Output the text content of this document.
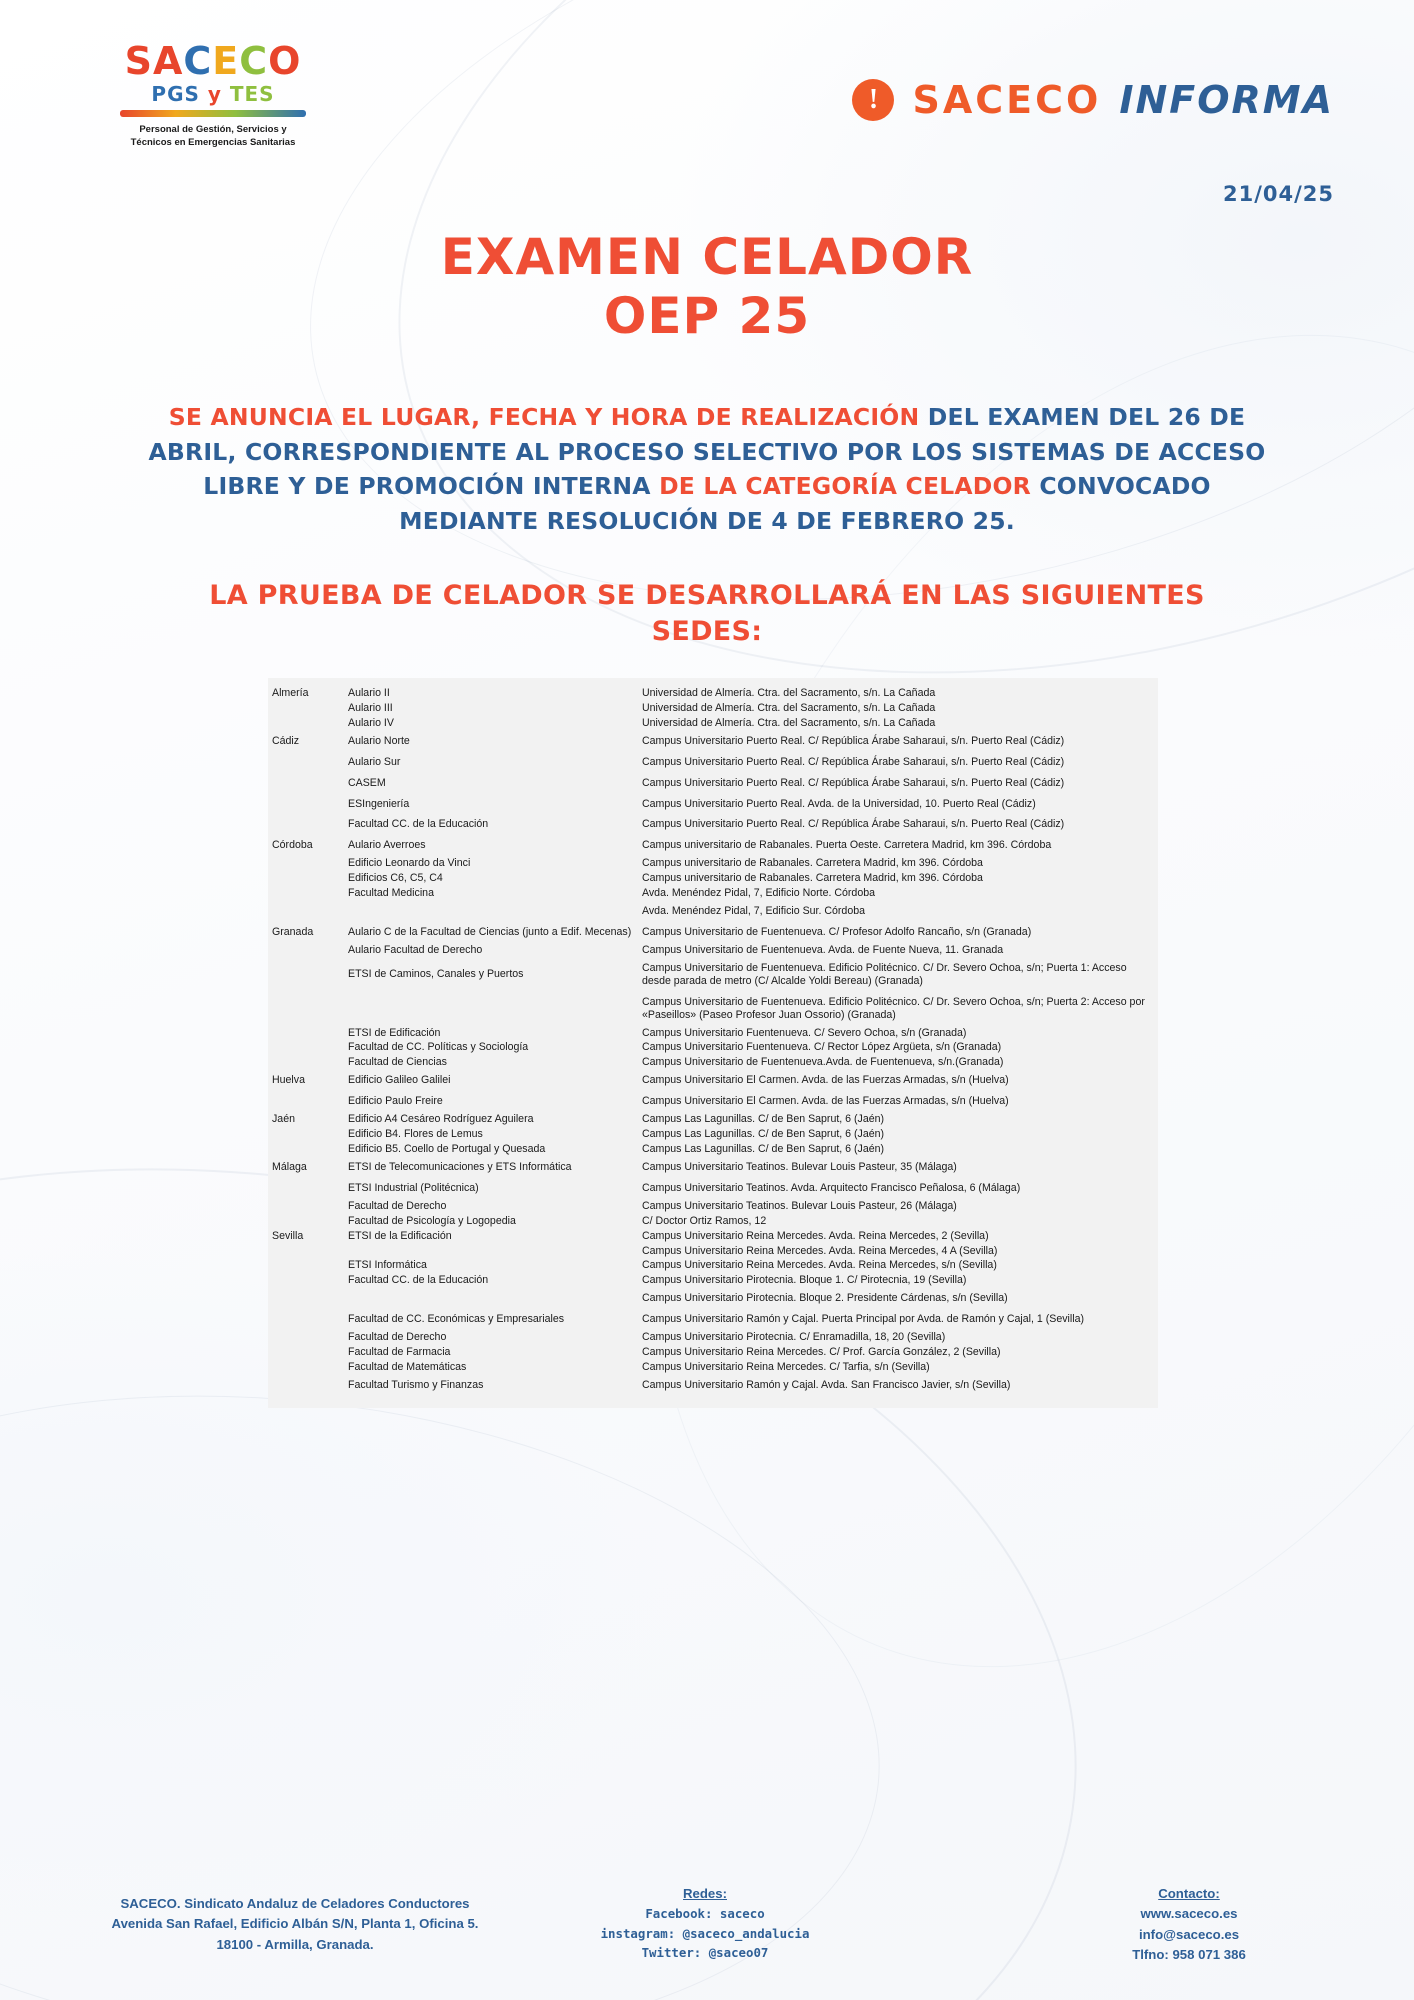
SACECO
PGS y TES
Personal de Gestión, Servicios y
Técnicos en Emergencias Sanitarias
! SACECO INFORMA
21/04/25
EXAMEN CELADOR
OEP 25
SE ANUNCIA EL LUGAR, FECHA Y HORA DE REALIZACIÓN DEL EXAMEN DEL 26 DE ABRIL, CORRESPONDIENTE AL PROCESO SELECTIVO POR LOS SISTEMAS DE ACCESO LIBRE Y DE PROMOCIÓN INTERNA DE LA CATEGORÍA CELADOR CONVOCADO MEDIANTE RESOLUCIÓN DE 4 DE FEBRERO 25.
LA PRUEBA DE CELADOR SE DESARROLLARÁ EN LAS SIGUIENTES SEDES:
Almería	Aulario II	Universidad de Almería. Ctra. del Sacramento, s/n. La Cañada
	Aulario III	Universidad de Almería. Ctra. del Sacramento, s/n. La Cañada
	Aulario IV	Universidad de Almería. Ctra. del Sacramento, s/n. La Cañada
Cádiz	Aulario Norte	Campus Universitario Puerto Real. C/ República Árabe Saharaui, s/n. Puerto Real (Cádiz)
	Aulario Sur	Campus Universitario Puerto Real. C/ República Árabe Saharaui, s/n. Puerto Real (Cádiz)
	CASEM	Campus Universitario Puerto Real. C/ República Árabe Saharaui, s/n. Puerto Real (Cádiz)
	ESIngeniería	Campus Universitario Puerto Real. Avda. de la Universidad, 10. Puerto Real (Cádiz)
	Facultad CC. de la Educación	Campus Universitario Puerto Real. C/ República Árabe Saharaui, s/n. Puerto Real (Cádiz)
Córdoba	Aulario Averroes	Campus universitario de Rabanales. Puerta Oeste. Carretera Madrid, km 396. Córdoba
	Edificio Leonardo da Vinci	Campus universitario de Rabanales. Carretera Madrid, km 396. Córdoba
	Edificios C6, C5, C4	Campus universitario de Rabanales. Carretera Madrid, km 396. Córdoba
	Facultad Medicina	Avda. Menéndez Pidal, 7, Edificio Norte. Córdoba
		Avda. Menéndez Pidal, 7, Edificio Sur. Córdoba
Granada	Aulario C de la Facultad de Ciencias (junto a Edif. Mecenas)	Campus Universitario de Fuentenueva. C/ Profesor Adolfo Rancaño, s/n (Granada)
	Aulario Facultad de Derecho	Campus Universitario de Fuentenueva. Avda. de Fuente Nueva, 11. Granada
	ETSI de Caminos, Canales y Puertos	Campus Universitario de Fuentenueva. Edificio Politécnico. C/ Dr. Severo Ochoa, s/n; Puerta 1: Acceso desde parada de metro (C/ Alcalde Yoldi Bereau) (Granada)
		Campus Universitario de Fuentenueva. Edificio Politécnico. C/ Dr. Severo Ochoa, s/n; Puerta 2: Acceso por «Paseillos» (Paseo Profesor Juan Ossorio) (Granada)
	ETSI de Edificación	Campus Universitario Fuentenueva. C/ Severo Ochoa, s/n (Granada)
	Facultad de CC. Políticas y Sociología	Campus Universitario Fuentenueva. C/ Rector López Argüeta, s/n (Granada)
	Facultad de Ciencias	Campus Universitario de Fuentenueva.Avda. de Fuentenueva, s/n.(Granada)
Huelva	Edificio Galileo Galilei	Campus Universitario El Carmen. Avda. de las Fuerzas Armadas, s/n (Huelva)
	Edificio Paulo Freire	Campus Universitario El Carmen. Avda. de las Fuerzas Armadas, s/n (Huelva)
Jaén	Edificio A4 Cesáreo Rodríguez Aguilera	Campus Las Lagunillas. C/ de Ben Saprut, 6 (Jaén)
	Edificio B4. Flores de Lemus	Campus Las Lagunillas. C/ de Ben Saprut, 6 (Jaén)
	Edificio B5. Coello de Portugal y Quesada	Campus Las Lagunillas. C/ de Ben Saprut, 6 (Jaén)
Málaga	ETSI de Telecomunicaciones y ETS Informática	Campus Universitario Teatinos. Bulevar Louis Pasteur, 35 (Málaga)
	ETSI Industrial (Politécnica)	Campus Universitario Teatinos. Avda. Arquitecto Francisco Peñalosa, 6 (Málaga)
	Facultad de Derecho	Campus Universitario Teatinos. Bulevar Louis Pasteur, 26 (Málaga)
	Facultad de Psicología y Logopedia	C/ Doctor Ortiz Ramos, 12
Sevilla	ETSI de la Edificación	Campus Universitario Reina Mercedes. Avda. Reina Mercedes, 2 (Sevilla)
		Campus Universitario Reina Mercedes. Avda. Reina Mercedes, 4 A (Sevilla)
	ETSI Informática	Campus Universitario Reina Mercedes. Avda. Reina Mercedes, s/n (Sevilla)
	Facultad CC. de la Educación	Campus Universitario Pirotecnia. Bloque 1. C/ Pirotecnia, 19 (Sevilla)
		Campus Universitario Pirotecnia. Bloque 2. Presidente Cárdenas, s/n (Sevilla)
	Facultad de CC. Económicas y Empresariales	Campus Universitario Ramón y Cajal. Puerta Principal por Avda. de Ramón y Cajal, 1 (Sevilla)
	Facultad de Derecho	Campus Universitario Pirotecnia. C/ Enramadilla, 18, 20 (Sevilla)
	Facultad de Farmacia	Campus Universitario Reina Mercedes. C/ Prof. García González, 2 (Sevilla)
	Facultad de Matemáticas	Campus Universitario Reina Mercedes. C/ Tarfia, s/n (Sevilla)
	Facultad Turismo y Finanzas	Campus Universitario Ramón y Cajal. Avda. San Francisco Javier, s/n (Sevilla)
SACECO. Sindicato Andaluz de Celadores Conductores
Avenida San Rafael, Edificio Albán S/N, Planta 1, Oficina 5.
18100 - Armilla, Granada.
Redes:
Facebook: saceco
instagram: @saceco_andalucia
Twitter: @saceo07
Contacto:
www.saceco.es
info@saceco.es
Tlfno: 958 071 386
